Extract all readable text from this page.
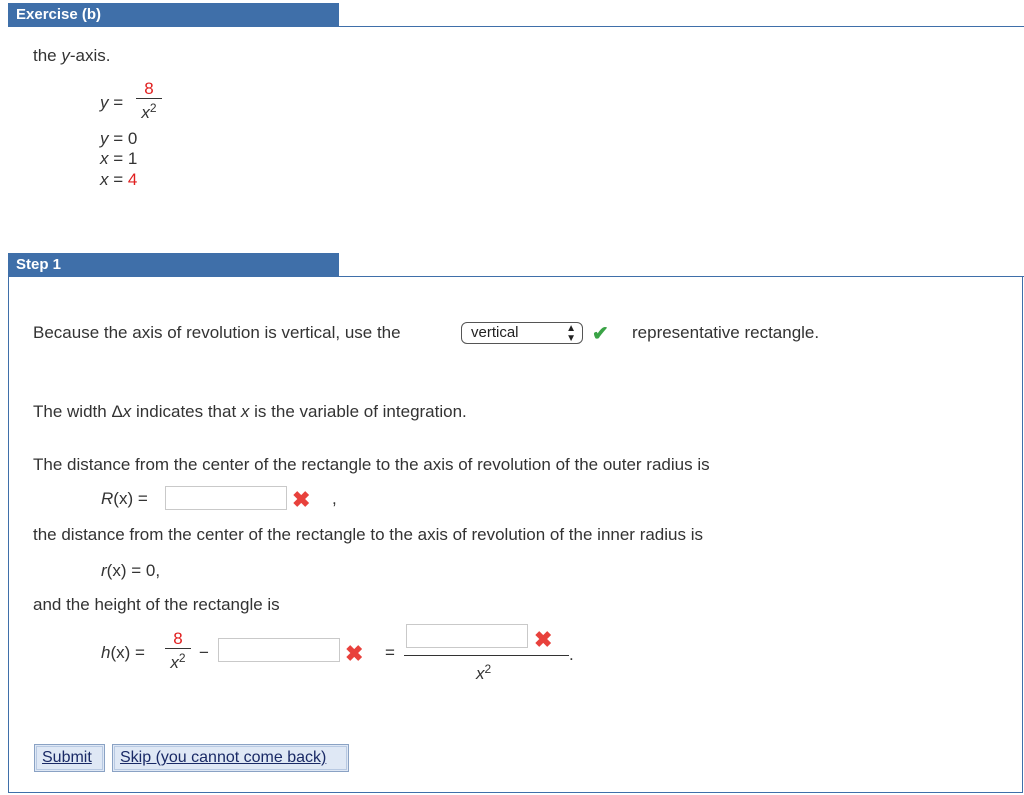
Exercise (b)
the y-axis.
y =
8
$x^2$
y = 0
x = 1
x = 4
Step 1
Because the axis of revolution is vertical, use the	vertical	▲
▼ ✔ representative rectangle.
The width Δx indicates that x is the variable of integration.
The distance from the center of the rectangle to the axis of revolution of the outer radius is
R(x) =	✖ ,
the distance from the center of the rectangle to the axis of revolution of the inner radius is
r(x) = 0,
and the height of the rectangle is
h(x) =
8
$x^2$ −	✖ =
✖
.
$x^2$
Submit	Skip (you cannot come back)
